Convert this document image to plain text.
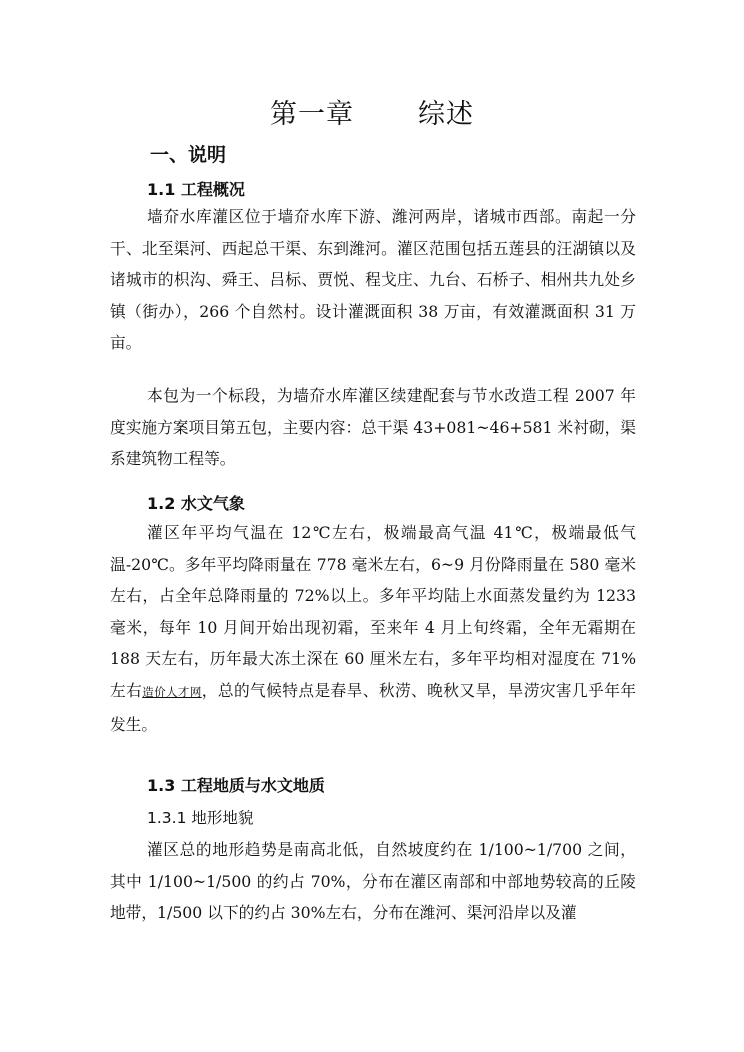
第一章 综述
一、说明
1.1 工程概况
墙夼水库灌区位于墙夼水库下游、潍河两岸，诸城市西部。南起一分干、北至渠河、西起总干渠、东到潍河。灌区范围包括五莲县的汪湖镇以及诸城市的枳沟、舜王、吕标、贾悦、程戈庄、九台、石桥子、相州共九处乡镇（街办），266 个自然村。设计灌溉面积 38 万亩，有效灌溉面积 31 万亩。
本包为一个标段，为墙夼水库灌区续建配套与节水改造工程 2007 年度实施方案项目第五包，主要内容：总干渠 43+081~46+581 米衬砌，渠系建筑物工程等。
1.2 水文气象
灌区年平均气温在 12℃左右，极端最高气温 41℃，极端最低气温-20℃。多年平均降雨量在 778 毫米左右，6~9 月份降雨量在 580 毫米左右，占全年总降雨量的 72%以上。多年平均陆上水面蒸发量约为 1233 毫米，每年 10 月间开始出现初霜，至来年 4 月上旬终霜，全年无霜期在 188 天左右，历年最大冻土深在 60 厘米左右，多年平均相对湿度在 71%左右造价人才网，总的气候特点是春旱、秋涝、晚秋又旱，旱涝灾害几乎年年发生。
1.3 工程地质与水文地质
1.3.1 地形地貌
灌区总的地形趋势是南高北低，自然坡度约在 1/100~1/700 之间，其中 1/100~1/500 的约占 70%，分布在灌区南部和中部地势较高的丘陵地带，1/500 以下的约占 30%左右，分布在潍河、渠河沿岸以及灌
